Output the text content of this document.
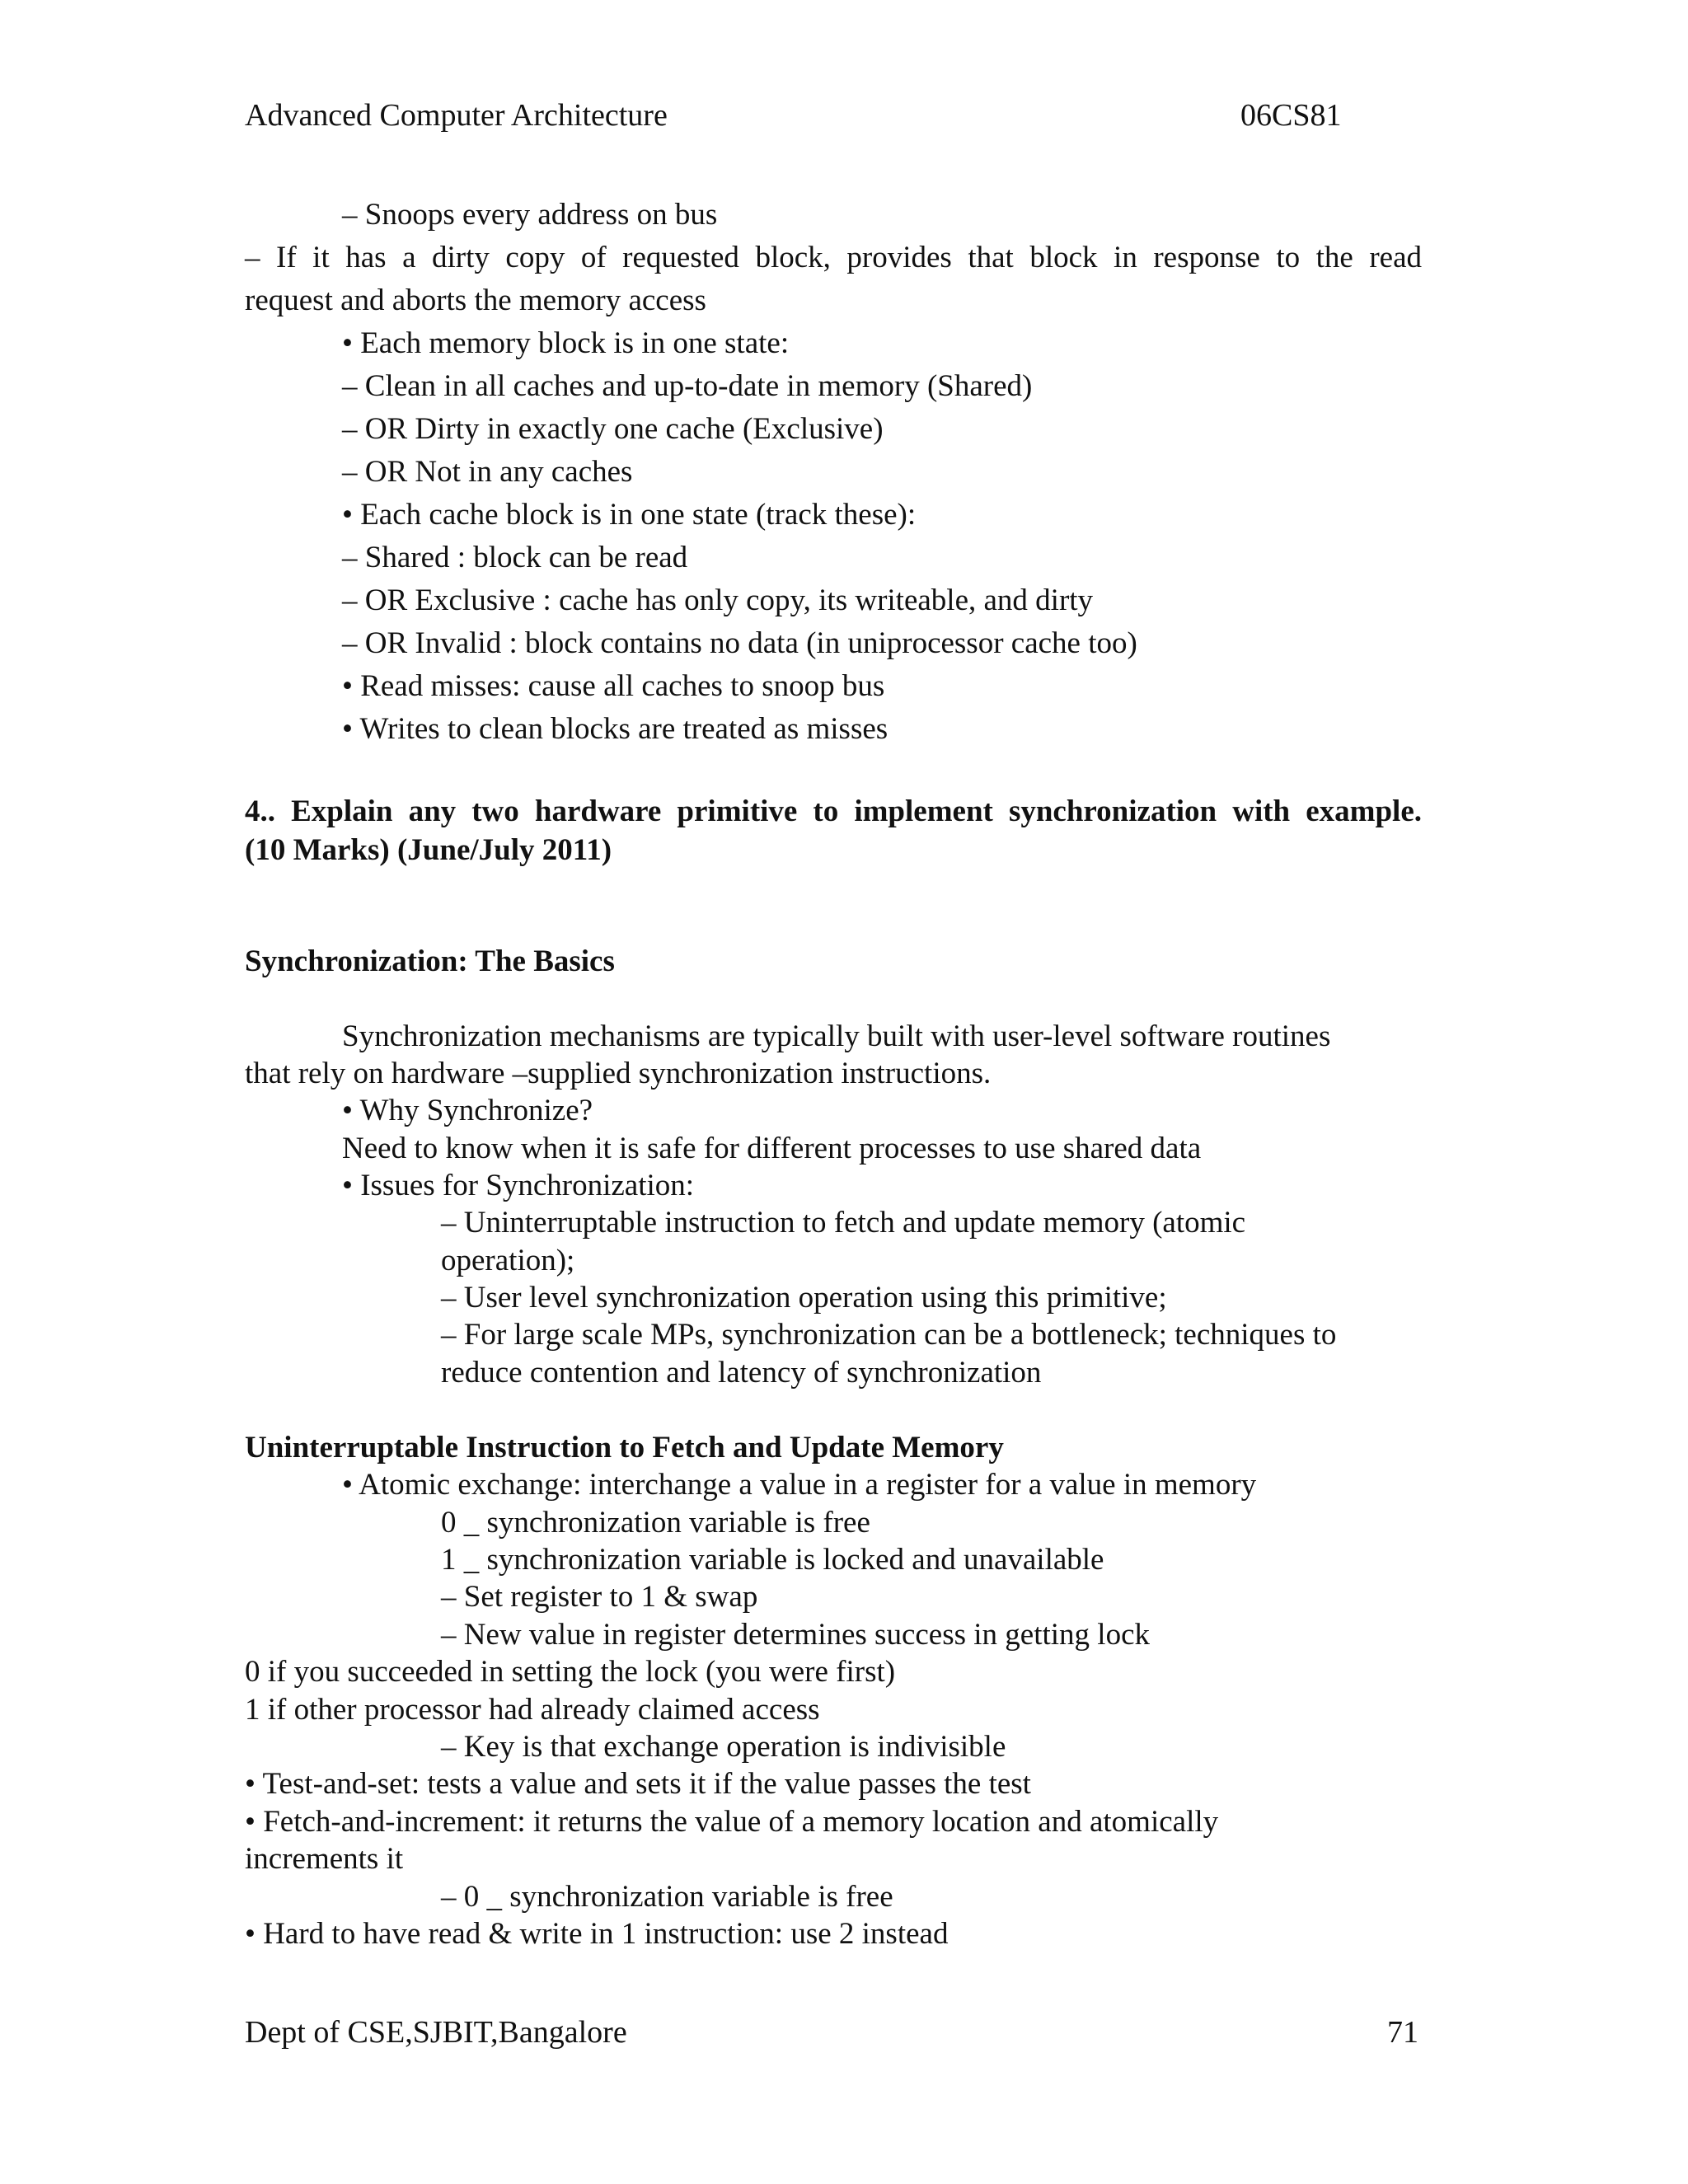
Advanced Computer Architecture	06CS81
– Snoops every address on bus
– If it has a dirty copy of requested block, provides that block in response to the read
request and aborts the memory access
• Each memory block is in one state:
– Clean in all caches and up-to-date in memory (Shared)
– OR Dirty in exactly one cache (Exclusive)
– OR Not in any caches
• Each cache block is in one state (track these):
– Shared : block can be read
– OR Exclusive : cache has only copy, its writeable, and dirty
– OR Invalid : block contains no data (in uniprocessor cache too)
• Read misses: cause all caches to snoop bus
• Writes to clean blocks are treated as misses
4.. Explain any two hardware primitive to implement synchronization with example.
(10 Marks) (June/July 2011)
Synchronization: The Basics
Synchronization mechanisms are typically built with user-level software routines
that rely on hardware –supplied synchronization instructions.
• Why Synchronize?
Need to know when it is safe for different processes to use shared data
• Issues for Synchronization:
– Uninterruptable instruction to fetch and update memory (atomic
operation);
– User level synchronization operation using this primitive;
– For large scale MPs, synchronization can be a bottleneck; techniques to
reduce contention and latency of synchronization
Uninterruptable Instruction to Fetch and Update Memory
• Atomic exchange: interchange a value in a register for a value in memory
0 _ synchronization variable is free
1 _ synchronization variable is locked and unavailable
– Set register to 1 & swap
– New value in register determines success in getting lock
0 if you succeeded in setting the lock (you were first)
1 if other processor had already claimed access
– Key is that exchange operation is indivisible
• Test-and-set: tests a value and sets it if the value passes the test
• Fetch-and-increment: it returns the value of a memory location and atomically
increments it
– 0 _ synchronization variable is free
• Hard to have read & write in 1 instruction: use 2 instead
Dept of CSE,SJBIT,Bangalore	71
